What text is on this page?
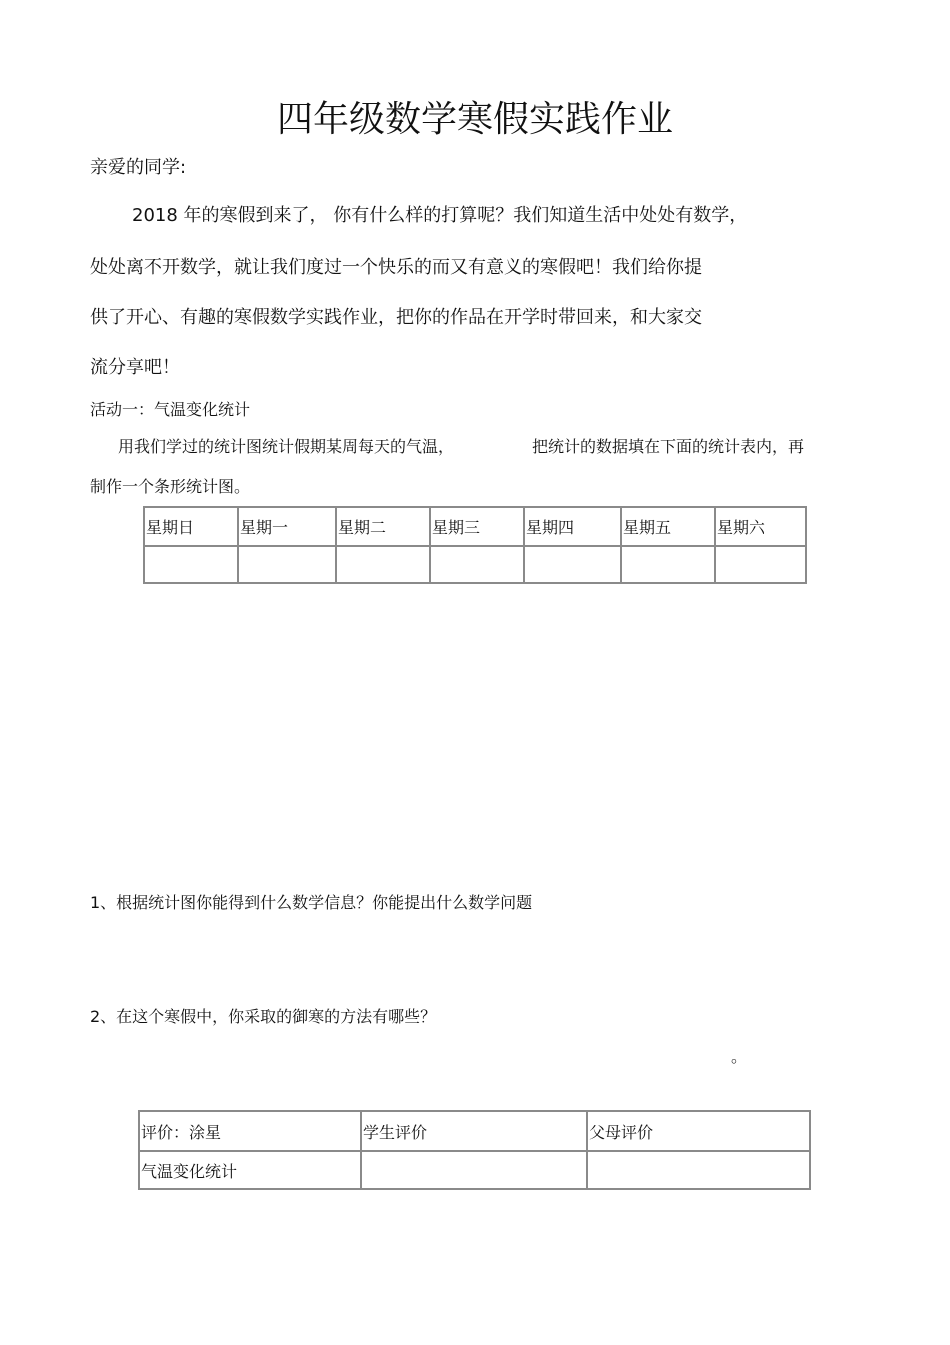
四年级数学寒假实践作业
亲爱的同学:
2018 年的寒假到来了， 你有什么样的打算呢？我们知道生活中处处有数学，
处处离不开数学，就让我们度过一个快乐的而又有意义的寒假吧！我们给你提
供了开心、有趣的寒假数学实践作业，把你的作品在开学时带回来，和大家交
流分享吧！
活动一：气温变化统计
用我们学过的统计图统计假期某周每天的气温，	把统计的数据填在下面的统计表内，再
制作一个条形统计图。
星期日	星期一	星期二	星期三	星期四	星期五	星期六

1、根据统计图你能得到什么数学信息？你能提出什么数学问题
2、在这个寒假中，你采取的御寒的方法有哪些？
。
评价：涂星	学生评价	父母评价
气温变化统计		
